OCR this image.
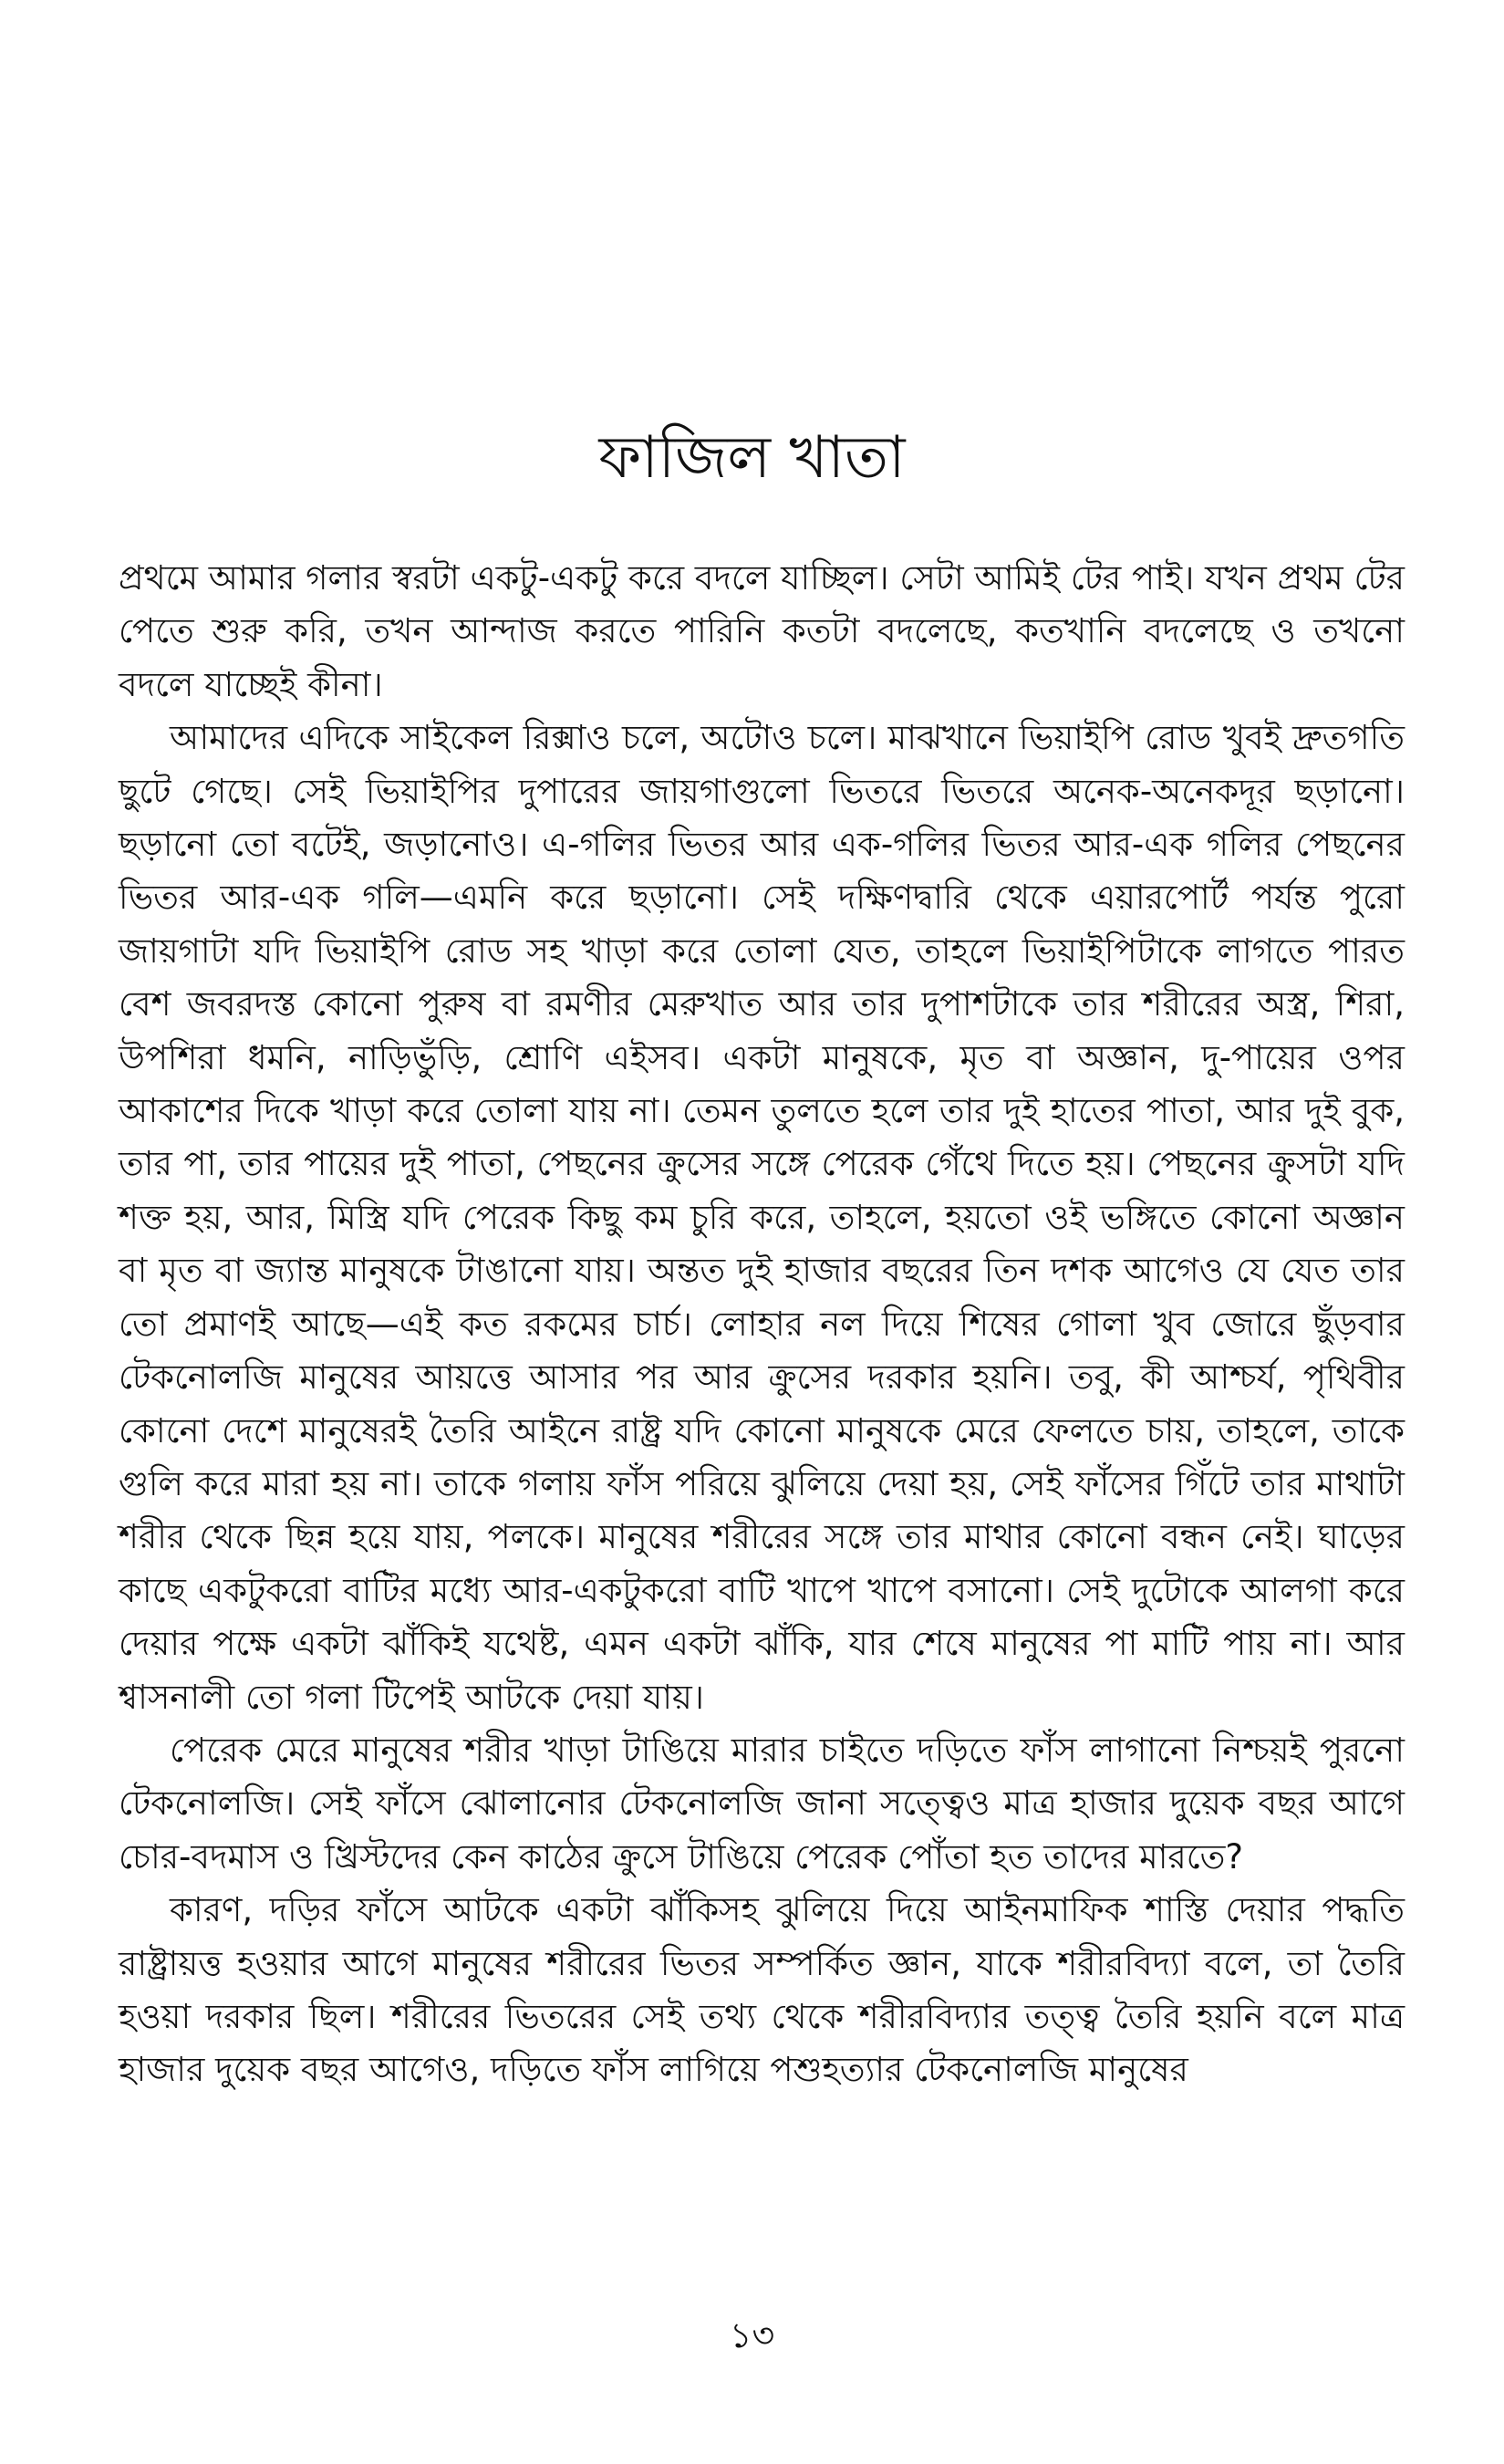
ফাজিল খাতা

প্রথমে আমার গলার স্বরটা একটু-একটু করে বদলে যাচ্ছিল। সেটা আমিই টের পাই। যখন প্রথম টের পেতে শুরু করি, তখন আন্দাজ করতে পারিনি কতটা বদলেছে, কতখানি বদলেছে ও তখনো বদলে যাচ্ছেই কীনা।

আমাদের এদিকে সাইকেল রিক্সাও চলে, অটোও চলে। মাঝখানে ভিয়াইপি রোড খুবই দ্রুতগতি ছুটে গেছে। সেই ভিয়াইপির দুপারের জায়গাগুলো ভিতরে ভিতরে অনেক-অনেকদূর ছড়ানো। ছড়ানো তো বটেই, জড়ানোও। এ-গলির ভিতর আর এক-গলির ভিতর আর-এক গলির পেছনের ভিতর আর-এক গলি—এমনি করে ছড়ানো। সেই দক্ষিণদ্বারি থেকে এয়ারপোর্ট পর্যন্ত পুরো জায়গাটা যদি ভিয়াইপি রোড সহ খাড়া করে তোলা যেত, তাহলে ভিয়াইপিটাকে লাগতে পারত বেশ জবরদস্ত কোনো পুরুষ বা রমণীর মেরুখাত আর তার দুপাশটাকে তার শরীরের অস্ত্র, শিরা, উপশিরা ধমনি, নাড়িভুঁড়ি, শ্রোণি এইসব। একটা মানুষকে, মৃত বা অজ্ঞান, দু-পায়ের ওপর আকাশের দিকে খাড়া করে তোলা যায় না। তেমন তুলতে হলে তার দুই হাতের পাতা, আর দুই বুক, তার পা, তার পায়ের দুই পাতা, পেছনের ক্রুসের সঙ্গে পেরেক গেঁথে দিতে হয়। পেছনের ক্রুসটা যদি শক্ত হয়, আর, মিস্ত্রি যদি পেরেক কিছু কম চুরি করে, তাহলে, হয়তো ওই ভঙ্গিতে কোনো অজ্ঞান বা মৃত বা জ্যান্ত মানুষকে টাঙানো যায়। অন্তত দুই হাজার বছরের তিন দশক আগেও যে যেত তার তো প্রমাণই আছে—এই কত রকমের চার্চ। লোহার নল দিয়ে শিষের গোলা খুব জোরে ছুঁড়বার টেকনোলজি মানুষের আয়ত্তে আসার পর আর ক্রুসের দরকার হয়নি। তবু, কী আশ্চর্য, পৃথিবীর কোনো দেশে মানুষেরই তৈরি আইনে রাষ্ট্র যদি কোনো মানুষকে মেরে ফেলতে চায়, তাহলে, তাকে গুলি করে মারা হয় না। তাকে গলায় ফাঁস পরিয়ে ঝুলিয়ে দেয়া হয়, সেই ফাঁসের গিঁটে তার মাথাটা শরীর থেকে ছিন্ন হয়ে যায়, পলকে। মানুষের শরীরের সঙ্গে তার মাথার কোনো বন্ধন নেই। ঘাড়ের কাছে একটুকরো বাটির মধ্যে আর-একটুকরো বাটি খাপে খাপে বসানো। সেই দুটোকে আলগা করে দেয়ার পক্ষে একটা ঝাঁকিই যথেষ্ট, এমন একটা ঝাঁকি, যার শেষে মানুষের পা মাটি পায় না। আর শ্বাসনালী তো গলা টিপেই আটকে দেয়া যায়।

পেরেক মেরে মানুষের শরীর খাড়া টাঙিয়ে মারার চাইতে দড়িতে ফাঁস লাগানো নিশ্চয়ই পুরনো টেকনোলজি। সেই ফাঁসে ঝোলানোর টেকনোলজি জানা সত্ত্বেও মাত্র হাজার দুয়েক বছর আগে চোর-বদমাস ও খ্রিস্টদের কেন কাঠের ক্রুসে টাঙিয়ে পেরেক পোঁতা হত তাদের মারতে?

কারণ, দড়ির ফাঁসে আটকে একটা ঝাঁকিসহ ঝুলিয়ে দিয়ে আইনমাফিক শাস্তি দেয়ার পদ্ধতি রাষ্ট্রায়ত্ত হওয়ার আগে মানুষের শরীরের ভিতর সম্পর্কিত জ্ঞান, যাকে শরীরবিদ্যা বলে, তা তৈরি হওয়া দরকার ছিল। শরীরের ভিতরের সেই তথ্য থেকে শরীরবিদ্যার তত্ত্ব তৈরি হয়নি বলে মাত্র হাজার দুয়েক বছর আগেও, দড়িতে ফাঁস লাগিয়ে পশুহত্যার টেকনোলজি মানুষের

১৩
